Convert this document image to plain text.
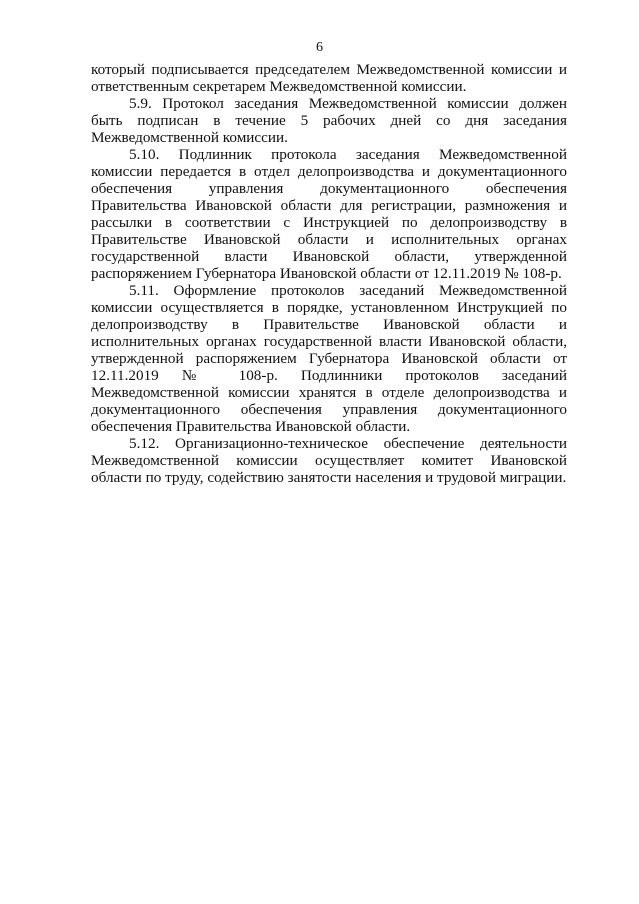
6

который подписывается председателем Межведомственной комиссии и ответственным секретарем Межведомственной комиссии.

5.9. Протокол заседания Межведомственной комиссии должен быть подписан в течение 5 рабочих дней со дня заседания Межведомственной комиссии.

5.10. Подлинник протокола заседания Межведомственной комиссии передается в отдел делопроизводства и документационного обеспечения управления документационного обеспечения Правительства Ивановской области для регистрации, размножения и рассылки в соответствии с Инструкцией по делопроизводству в Правительстве Ивановской области и исполнительных органах государственной власти Ивановской области, утвержденной распоряжением Губернатора Ивановской области от 12.11.2019 № 108-р.

5.11. Оформление протоколов заседаний Межведомственной комиссии осуществляется в порядке, установленном Инструкцией по делопроизводству в Правительстве Ивановской области и исполнительных органах государственной власти Ивановской области, утвержденной распоряжением Губернатора Ивановской области от 12.11.2019 № 108-р. Подлинники протоколов заседаний Межведомственной комиссии хранятся в отделе делопроизводства и документационного обеспечения управления документационного обеспечения Правительства Ивановской области.

5.12. Организационно-техническое обеспечение деятельности Межведомственной комиссии осуществляет комитет Ивановской области по труду, содействию занятости населения и трудовой миграции.
